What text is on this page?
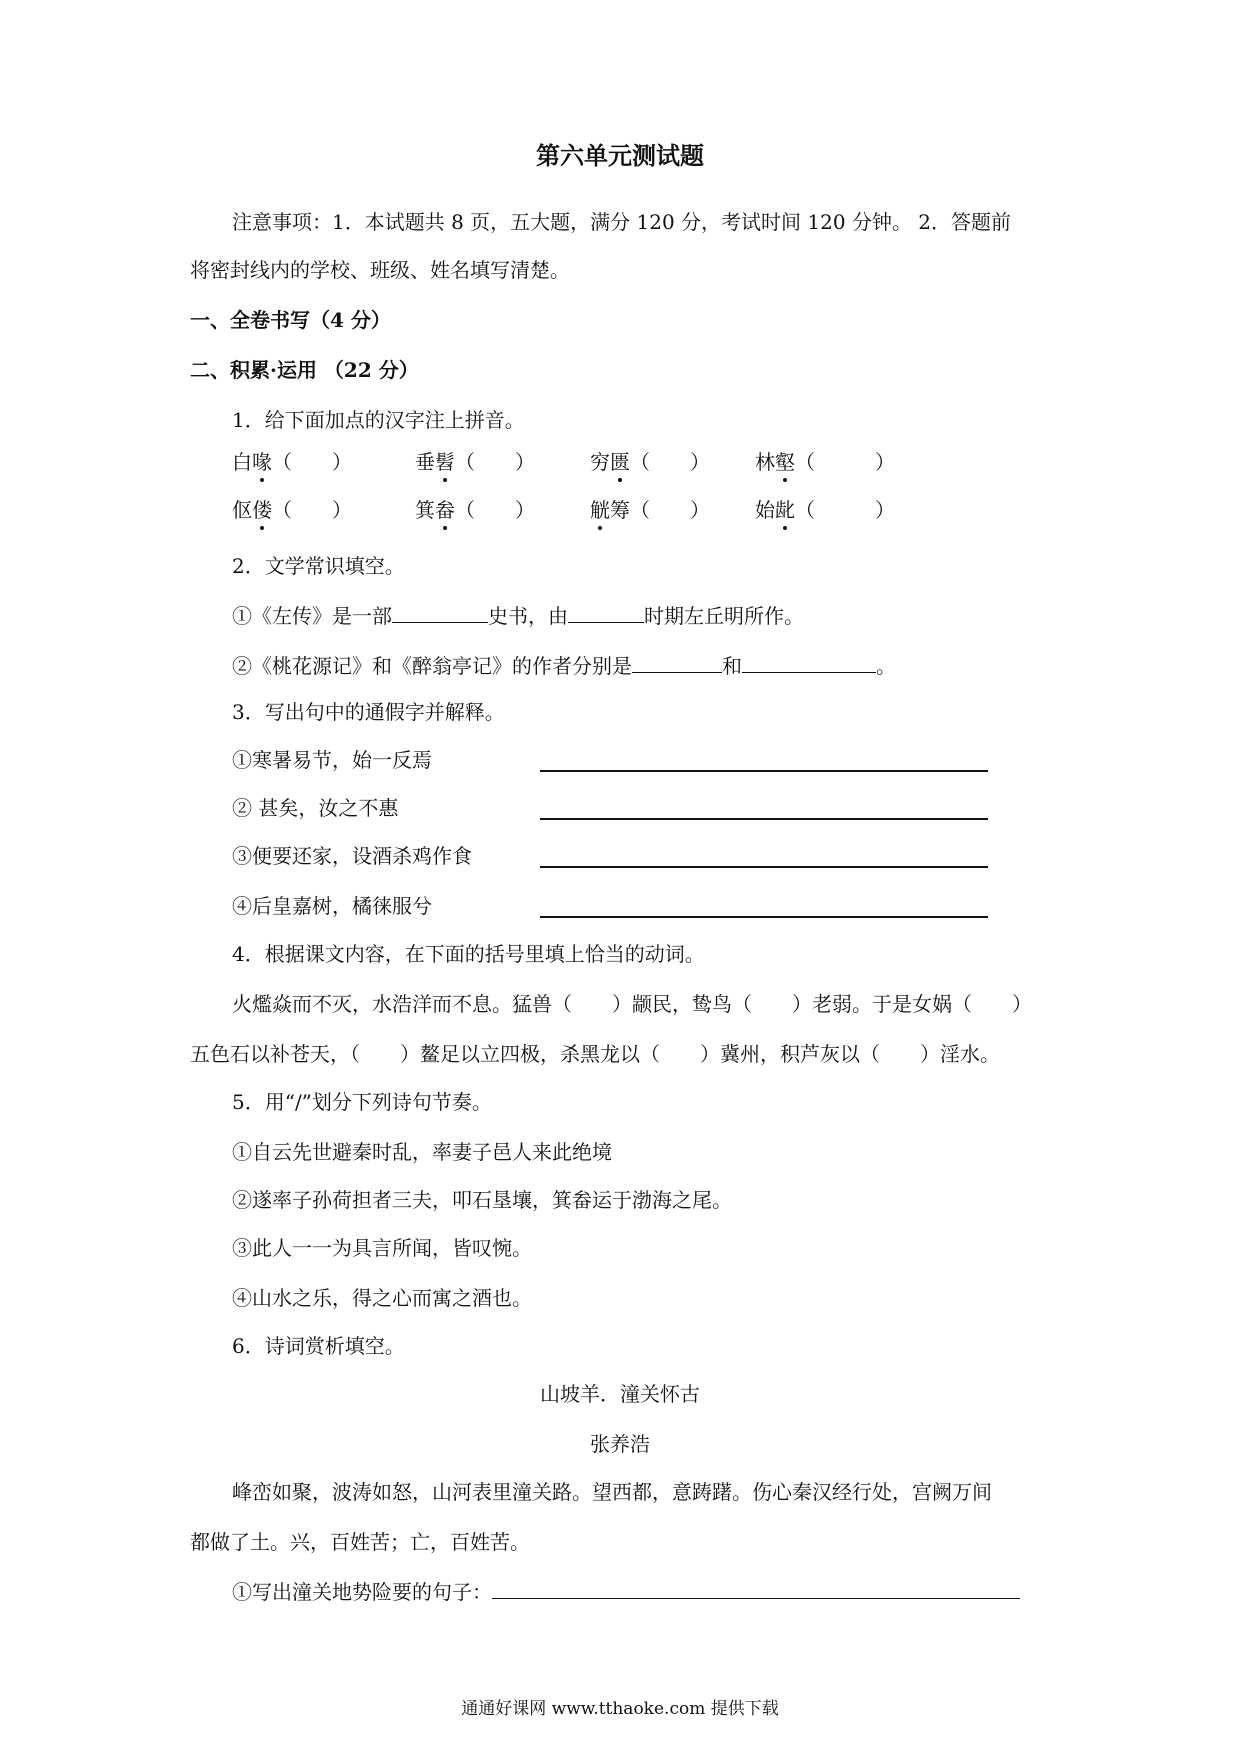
第六单元测试题
注意事项：1．本试题共 8 页，五大题，满分 120 分，考试时间 120 分钟。 2．答题前
将密封线内的学校、班级、姓名填写清楚。
一、全卷书写（4 分）
二、积累·运用 （22 分）
1．给下面加点的汉字注上拼音。
白喙（　　）	垂髫（　　）	穷匮（　　） 林壑（　　　）
伛偻（　　）	箕畚（　　）	觥筹（　　） 始龀（　　　）
2．文学常识填空。
①《左传》是一部	史书，由	时期左丘明所作。
②《桃花源记》和《醉翁亭记》的作者分别是	和	。
3．写出句中的通假字并解释。
①寒暑易节，始一反焉
② 甚矣，汝之不惠
③便要还家，设酒杀鸡作食
④后皇嘉树，橘徕服兮
4．根据课文内容，在下面的括号里填上恰当的动词。
火爁焱而不灭，水浩洋而不息。猛兽（　　）颛民，鸷鸟（　　）老弱。于是女娲（　　）
五色石以补苍天，（　　）鳌足以立四极，杀黑龙以（　　）冀州，积芦灰以（　　）淫水。
5．用“/”划分下列诗句节奏。
①自云先世避秦时乱，率妻子邑人来此绝境
②遂率子孙荷担者三夫，叩石垦壤，箕畚运于渤海之尾。
③此人一一为具言所闻，皆叹惋。
④山水之乐，得之心而寓之酒也。
6．诗词赏析填空。
山坡羊．潼关怀古
张养浩
峰峦如聚，波涛如怒，山河表里潼关路。望西都，意踌躇。伤心秦汉经行处，宫阙万间
都做了土。兴，百姓苦；亡，百姓苦。
①写出潼关地势险要的句子：
通通好课网 www.tthaoke.com 提供下载
